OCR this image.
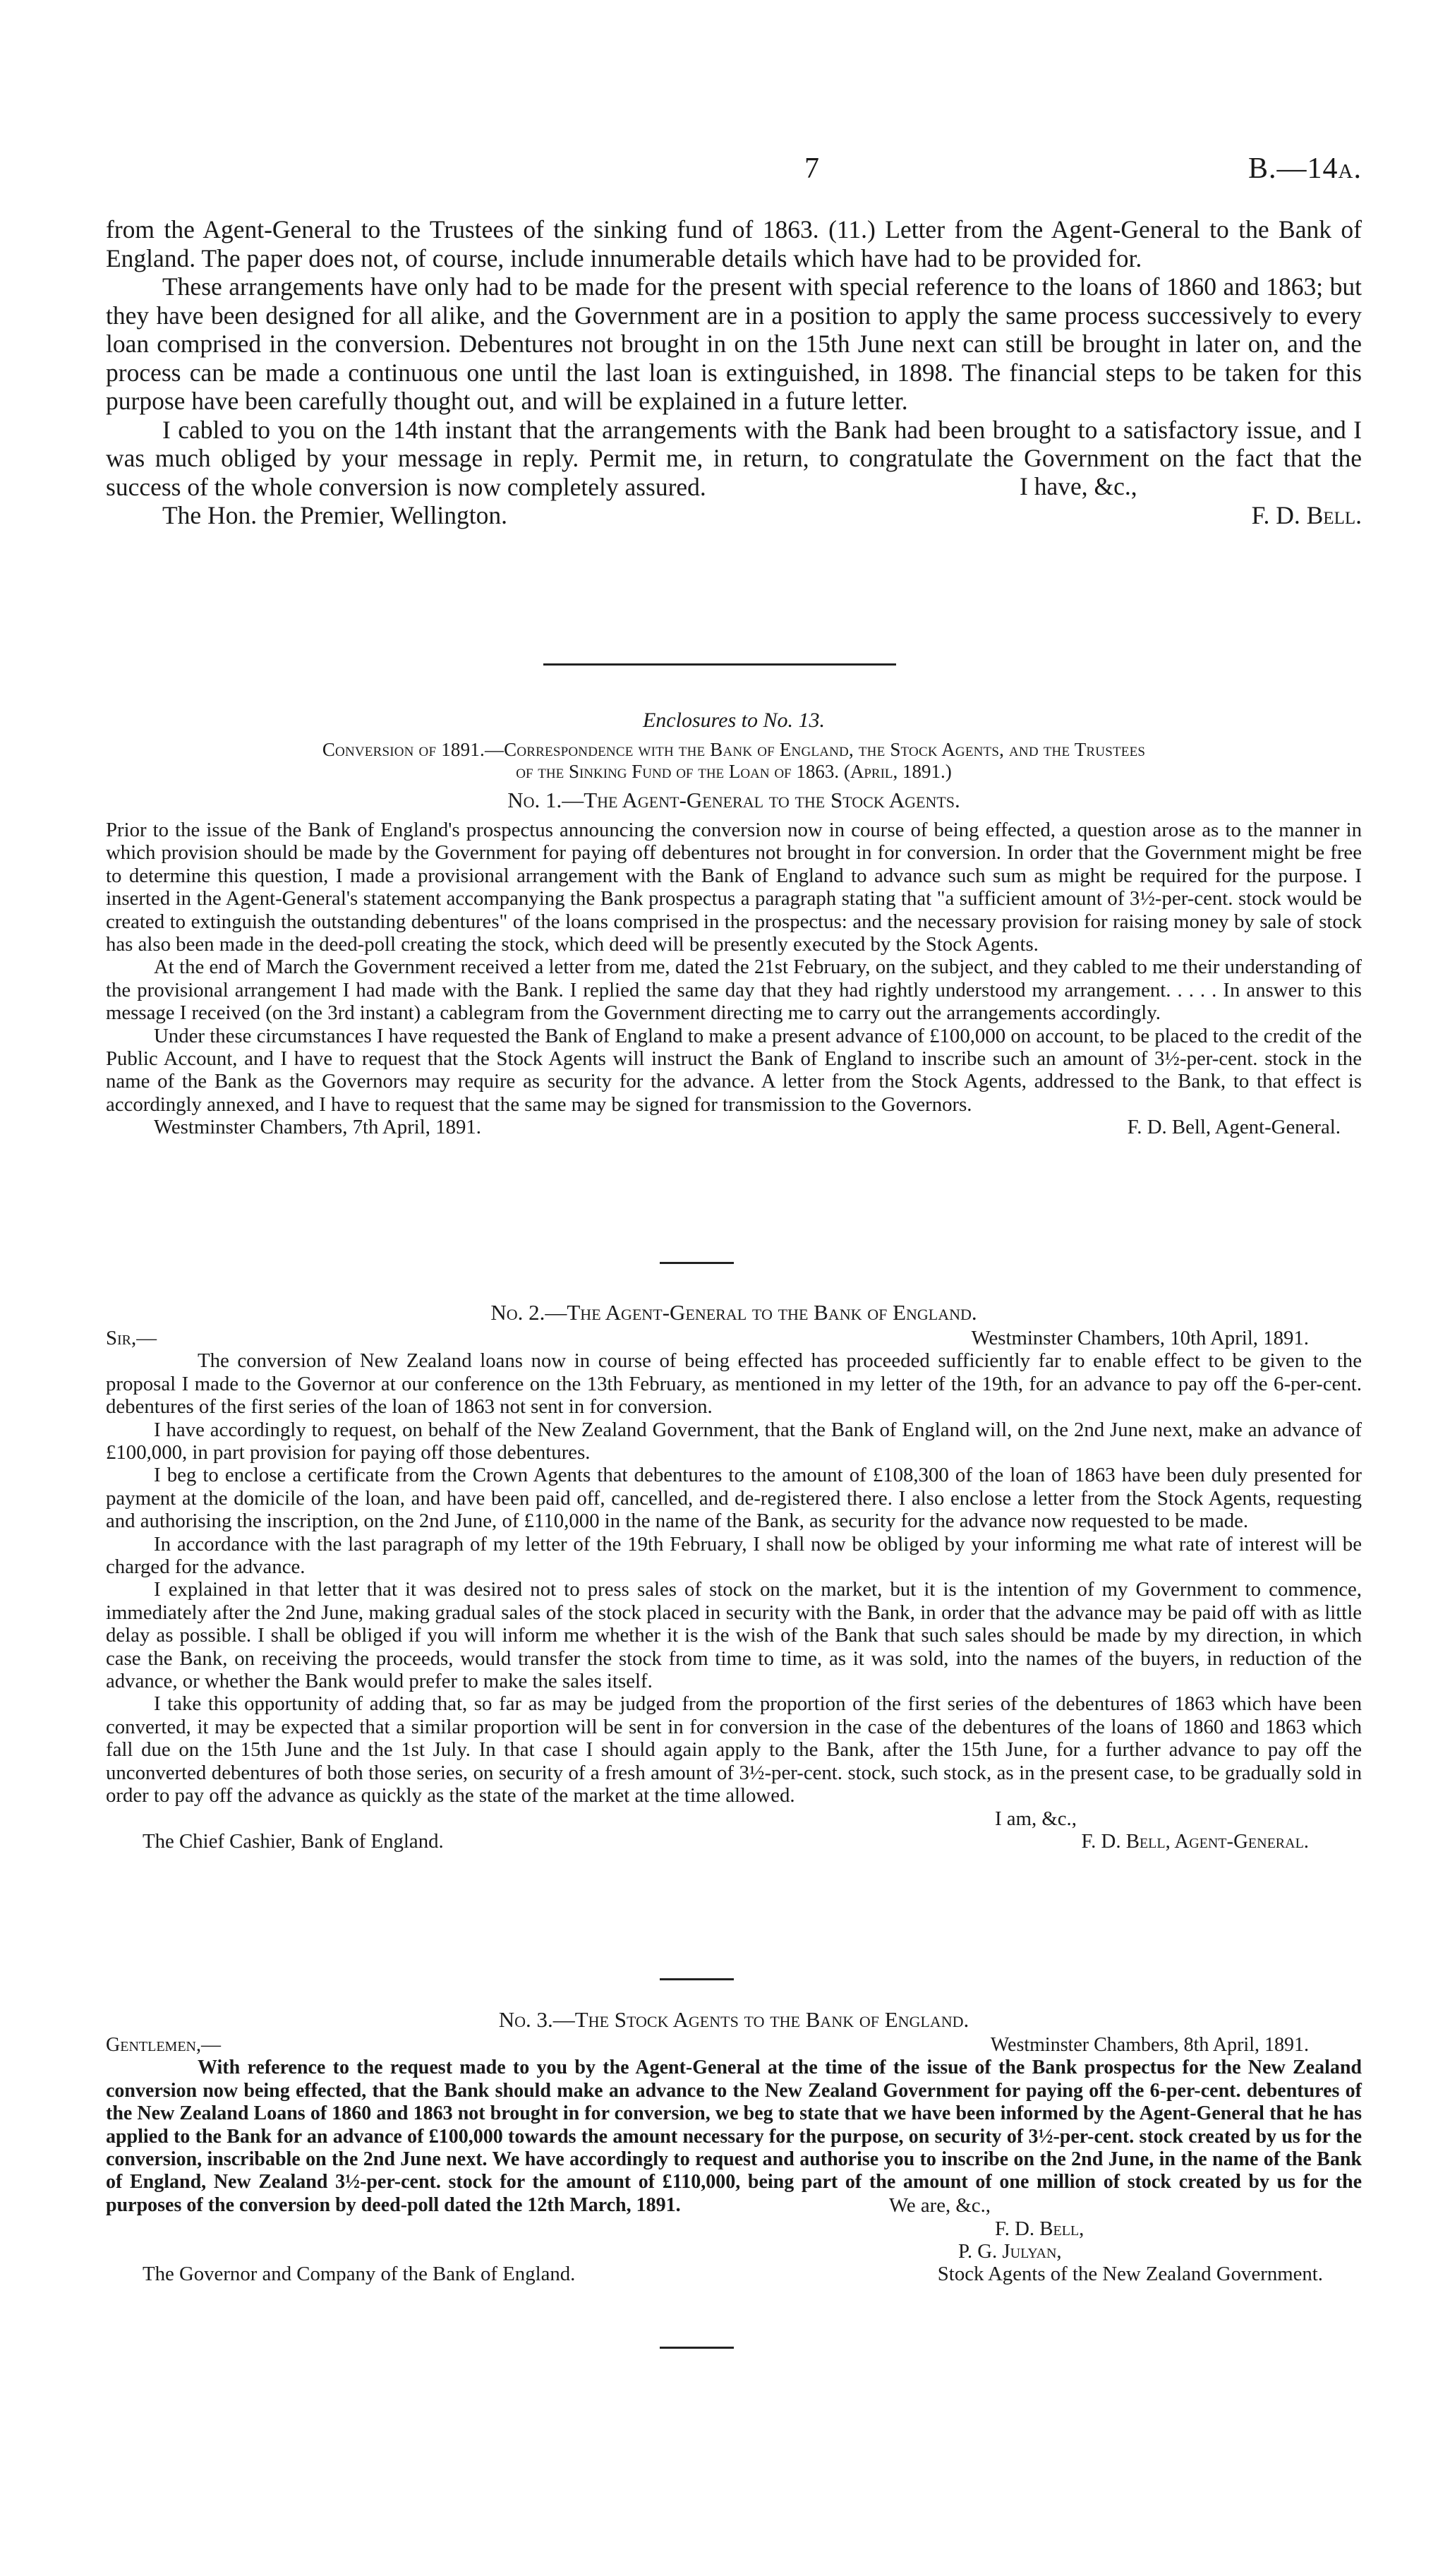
7	B.—14a.

from the Agent-General to the Trustees of the sinking fund of 1863. (11.) Letter from the Agent-General to the Bank of England. The paper does not, of course, include innumerable details which have had to be provided for.

These arrangements have only had to be made for the present with special reference to the loans of 1860 and 1863; but they have been designed for all alike, and the Government are in a position to apply the same process successively to every loan comprised in the conversion. Debentures not brought in on the 15th June next can still be brought in later on, and the process can be made a continuous one until the last loan is extinguished, in 1898. The financial steps to be taken for this purpose have been carefully thought out, and will be explained in a future letter.

I cabled to you on the 14th instant that the arrangements with the Bank had been brought to a satisfactory issue, and I was much obliged by your message in reply. Permit me, in return, to congratulate the Government on the fact that the success of the whole conversion is now completely assured.	I have, &c.,
The Hon. the Premier, Wellington.	F. D. Bell.
Enclosures to No. 13.
Conversion of 1891.—Correspondence with the Bank of England, the Stock Agents, and the Trustees
of the Sinking Fund of the Loan of 1863. (April, 1891.)
No. 1.—The Agent-General to the Stock Agents.

Prior to the issue of the Bank of England's prospectus announcing the conversion now in course of being effected, a question arose as to the manner in which provision should be made by the Government for paying off debentures not brought in for conversion. In order that the Government might be free to determine this question, I made a provisional arrangement with the Bank of England to advance such sum as might be required for the purpose. I inserted in the Agent-General's statement accompanying the Bank prospectus a paragraph stating that "a sufficient amount of 3½-per-cent. stock would be created to extinguish the outstanding debentures" of the loans comprised in the prospectus: and the necessary provision for raising money by sale of stock has also been made in the deed-poll creating the stock, which deed will be presently executed by the Stock Agents.

At the end of March the Government received a letter from me, dated the 21st February, on the subject, and they cabled to me their understanding of the provisional arrangement I had made with the Bank. I replied the same day that they had rightly understood my arrangement. . . . . In answer to this message I received (on the 3rd instant) a cablegram from the Government directing me to carry out the arrangements accordingly.

Under these circumstances I have requested the Bank of England to make a present advance of £100,000 on account, to be placed to the credit of the Public Account, and I have to request that the Stock Agents will instruct the Bank of England to inscribe such an amount of 3½-per-cent. stock in the name of the Bank as the Governors may require as security for the advance. A letter from the Stock Agents, addressed to the Bank, to that effect is accordingly annexed, and I have to request that the same may be signed for transmission to the Governors.

Westminster Chambers, 7th April, 1891.	F. D. Bell, Agent-General.
No. 2.—The Agent-General to the Bank of England.
Sir,—	Westminster Chambers, 10th April, 1891.

The conversion of New Zealand loans now in course of being effected has proceeded sufficiently far to enable effect to be given to the proposal I made to the Governor at our conference on the 13th February, as mentioned in my letter of the 19th, for an advance to pay off the 6-per-cent. debentures of the first series of the loan of 1863 not sent in for conversion.

I have accordingly to request, on behalf of the New Zealand Government, that the Bank of England will, on the 2nd June next, make an advance of £100,000, in part provision for paying off those debentures.

I beg to enclose a certificate from the Crown Agents that debentures to the amount of £108,300 of the loan of 1863 have been duly presented for payment at the domicile of the loan, and have been paid off, cancelled, and de-registered there. I also enclose a letter from the Stock Agents, requesting and authorising the inscription, on the 2nd June, of £110,000 in the name of the Bank, as security for the advance now requested to be made.

In accordance with the last paragraph of my letter of the 19th February, I shall now be obliged by your informing me what rate of interest will be charged for the advance.

I explained in that letter that it was desired not to press sales of stock on the market, but it is the intention of my Government to commence, immediately after the 2nd June, making gradual sales of the stock placed in security with the Bank, in order that the advance may be paid off with as little delay as possible. I shall be obliged if you will inform me whether it is the wish of the Bank that such sales should be made by my direction, in which case the Bank, on receiving the proceeds, would transfer the stock from time to time, as it was sold, into the names of the buyers, in reduction of the advance, or whether the Bank would prefer to make the sales itself.

I take this opportunity of adding that, so far as may be judged from the proportion of the first series of the debentures of 1863 which have been converted, it may be expected that a similar proportion will be sent in for conversion in the case of the debentures of the loans of 1860 and 1863 which fall due on the 15th June and the 1st July. In that case I should again apply to the Bank, after the 15th June, for a further advance to pay off the unconverted debentures of both those series, on security of a fresh amount of 3½-per-cent. stock, such stock, as in the present case, to be gradually sold in order to pay off the advance as quickly as the state of the market at the time allowed.

I am, &c.,
The Chief Cashier, Bank of England.	F. D. Bell, Agent-General.
No. 3.—The Stock Agents to the Bank of England.
Gentlemen,—	Westminster Chambers, 8th April, 1891.

With reference to the request made to you by the Agent-General at the time of the issue of the Bank prospectus for the New Zealand conversion now being effected, that the Bank should make an advance to the New Zealand Government for paying off the 6-per-cent. debentures of the New Zealand Loans of 1860 and 1863 not brought in for conversion, we beg to state that we have been informed by the Agent-General that he has applied to the Bank for an advance of £100,000 towards the amount necessary for the purpose, on security of 3½-per-cent. stock created by us for the conversion, inscribable on the 2nd June next. We have accordingly to request and authorise you to inscribe on the 2nd June, in the name of the Bank of England, New Zealand 3½-per-cent. stock for the amount of £110,000, being part of the amount of one million of stock created by us for the purposes of the conversion by deed-poll dated the 12th March, 1891.	We are, &c.,
F. D. Bell,
P. G. Julyan,
The Governor and Company of the Bank of England.	Stock Agents of the New Zealand Government.
